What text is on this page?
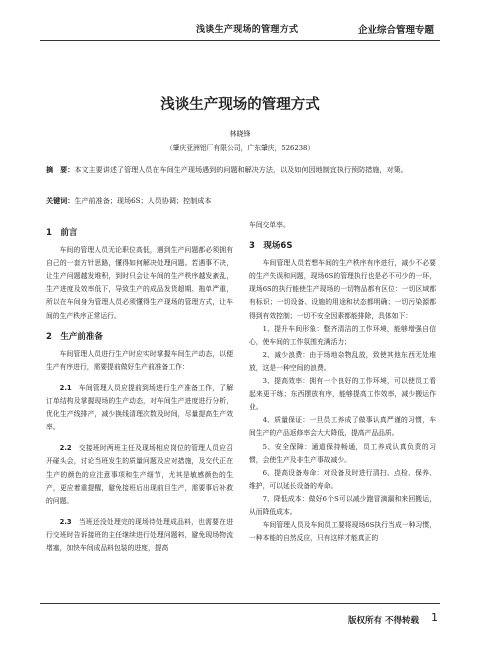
浅谈生产现场的管理方式	企业综合管理专题
浅谈生产现场的管理方式
林晓锋
（肇庆亚洲铝厂有限公司，广东肇庆，526238）
摘　要：本文主要讲述了管理人员在车间生产现场遇到的问题和解决方法，以及如何因地制宜执行预防措施，对策。
关键词：生产前准备；现场6S；人员协调；控制成本
1　前言

车间的管理人员无论职位高低，遇到生产问题都必须拥有自己的一套方针思路，懂得如何解决处理问题。若遇事不决，让生产问题越发堆积，到时只会让车间的生产秩序越发紊乱，生产进度及效率低下，导致生产的成品发货超期、拖单严重，所以在车间身为管理人员必须懂得生产现场的管理方式，让车间的生产秩序正常运行。

2　生产前准备

车间管理人员进行生产时应实时掌握车间生产动态，以便生产有序进行，需要提前做好生产前准备工作：

2.1　 车间管理人员应提前到场进行生产准备工作，了解订单结构及掌握现场的生产动态，对车间生产进度进行分析，优化生产线排产，减少换线清理次数及时间，尽量提高生产效率。

2.2　 交接班时两班主任及现场相应岗位的管理人员应召开碰头会，讨论当班发生的质量问题及应对措施，及交代正在生产的颜色的应注意事项和生产细节，尤其是敏感颜色的生产，更应着重提醒，避免接班后出现前目生产，需要事后补救的问题。

2.3　 当班还没处理完的现场待处理成品料，也需要在进行交班时告诉接班的主任继续进行处理问题料，避免现场物流堵塞，加快车间成品料包装的进度，提高

车间交单率。

3　现场6S

车间管理人员若想车间的生产秩序有序进行，减少不必要的生产失误和问题，现场6S的管理执行也是必不可少的一环，现场6S的执行能使生产现场的一切物品都有区位：一切区域都有标识；一切设备、设施的用途和状态都明确；一切污染源都得到有效控制；一切不安全因素都能排除，具体如下：

1、提升车间形象：整齐清洁的工作环境，能够增强自信心，使车间的工作氛围充满活力；

2、减少浪费：由于场地杂物乱放，致使其他东西无处堆放，这是一种空间的浪费。

3、提高效率：拥有一个良好的工作环境，可以使员工看起来更干练；东西摆放有序，能够提高工作效率，减少搬运作业。

4、质量保证：一旦员工养成了做事认真严谨的习惯，车间生产的产品返修率会大大降低，提高产品品质。

5、安全保障：通道保持畅通，员工养成认真负责的习惯，会使生产及非生产事故减少。

6、提高设备寿命：对设备及时进行清扫、点检、保养、维护，可以延长设备的寿命。

7、降低成本：做好6个S可以减少跑冒滴漏和来回搬运，从而降低成本。

车间管理人员及车间员工要将现场6S执行当成一种习惯，一种本能的自然反应，只有这样才能真正的

版权所有 不得转载 1
